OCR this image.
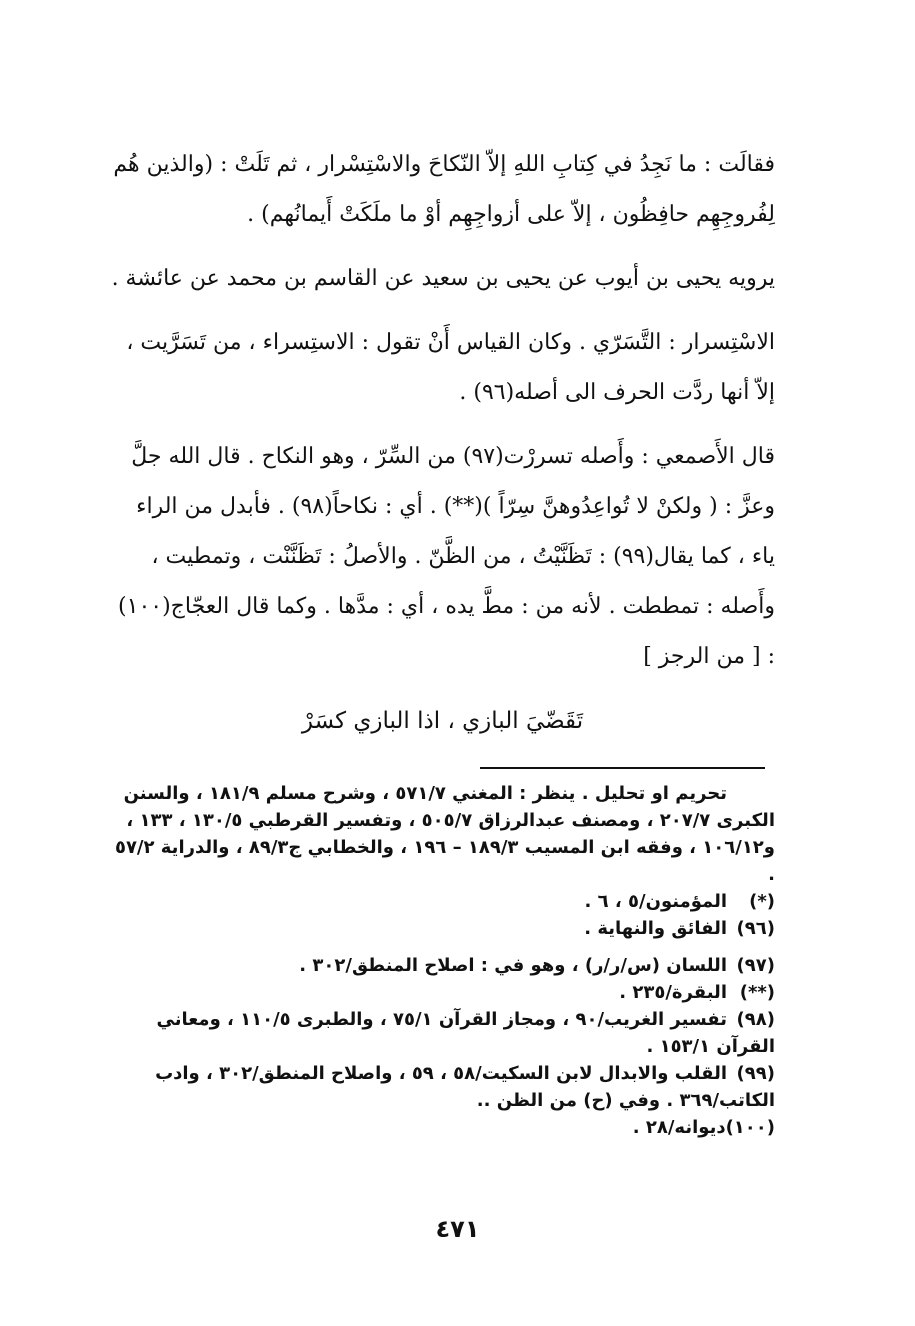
فقالَت : ما نَجِدُ في كِتابِ اللهِ إلاّ النّكاحَ والاسْتِسْرار ، ثم تَلَتْ : (والذين هُم لِفُروجِهِم حافِظُون ، إلاّ على أزواجِهِم أوْ ما ملَكَتْ أَيمانُهم) .

يرويه يحيى بن أيوب عن يحيى بن سعيد عن القاسم بن محمد عن عائشة .

الاسْتِسرار : التَّسَرّي . وكان القياس أَنْ تقول : الاستِسراء ، من تَسَرَّيت ، إلاّ أنها ردَّت الحرف الى أصله(٩٦) .

قال الأَصمعي : وأَصله تسررْت(٩٧) من السِّرّ ، وهو النكاح . قال الله جلَّ وعزَّ : ( ولكنْ لا تُواعِدُوهنَّ سِرّاً )(**) . أي : نكاحاً(٩٨) . فأبدل من الراء ياء ، كما يقال(٩٩) : تَظَنَّيْتُ ، من الظَّنّ . والأصلُ : تَظَنَّنْت ، وتمطيت ، وأَصله : تمططت . لأنه من : مطَّ يده ، أي : مدَّها . وكما قال العجّاج(١٠٠) : [ من الرجز ]

تَقَضّيَ البازي ، اذا البازي كسَرْ

تحريم او تحليل . ينظر : المغني ٥٧١/٧ ، وشرح مسلم ١٨١/٩ ، والسنن الكبرى ٢٠٧/٧ ، ومصنف عبدالرزاق ٥٠٥/٧ ، وتفسير القرطبي ١٣٠/٥ ، ١٣٣ ، و١٠٦/١٢ ، وفقه ابن المسيب ١٨٩/٣ – ١٩٦ ، والخطابي ج٨٩/٣ ، والدراية ٥٧/٢ .

(*)المؤمنون/٥ ، ٦ .

(٩٦)الفائق والنهاية .

(٩٧)اللسان (س/ر/ر) ، وهو في : اصلاح المنطق/٣٠٢ .

(**)البقرة/٢٣٥ .

(٩٨)تفسير الغريب/٩٠ ، ومجاز القرآن ٧٥/١ ، والطبرى ١١٠/٥ ، ومعاني القرآن ١٥٣/١ .

(٩٩)القلب والابدال لابن السكيت/٥٨ ، ٥٩ ، واصلاح المنطق/٣٠٢ ، وادب الكاتب/٣٦٩ . وفي (ح) من الظن ..

(١٠٠)ديوانه/٢٨ .

٤٧١
